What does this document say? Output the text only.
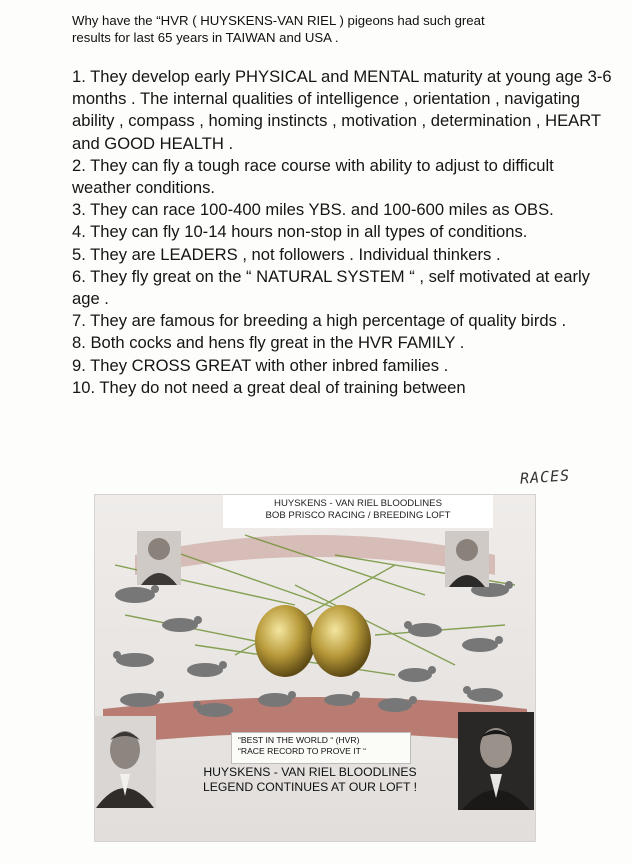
Why have the “HVR ( HUYSKENS-VAN RIEL ) pigeons had such great
results for last 65 years in TAIWAN and USA .
1. They develop early PHYSICAL and MENTAL maturity at young age 3-6 months . The internal qualities of intelligence , orientation , navigating ability , compass , homing instincts , motivation , determination , HEART and GOOD HEALTH .
2. They can fly a tough race course with ability to adjust to difficult weather conditions.
3. They can race 100-400 miles YBS. and 100-600 miles as OBS.
4. They can fly 10-14 hours non-stop in all types of conditions.
5. They are LEADERS , not followers . Individual thinkers .
6. They fly great on the “ NATURAL SYSTEM “ , self motivated at early age .
7. They are famous for breeding a high percentage of quality birds .
8. Both cocks and hens fly great in the HVR FAMILY .
9. They CROSS GREAT with other inbred families .
10. They do not need a great deal of training between
RACES
HUYSKENS - VAN RIEL BLOODLINES
BOB PRISCO RACING / BREEDING LOFT
“BEST IN THE WORLD “ (HVR)
“RACE RECORD TO PROVE IT “
HUYSKENS - VAN RIEL BLOODLINES
LEGEND CONTINUES AT OUR LOFT !
